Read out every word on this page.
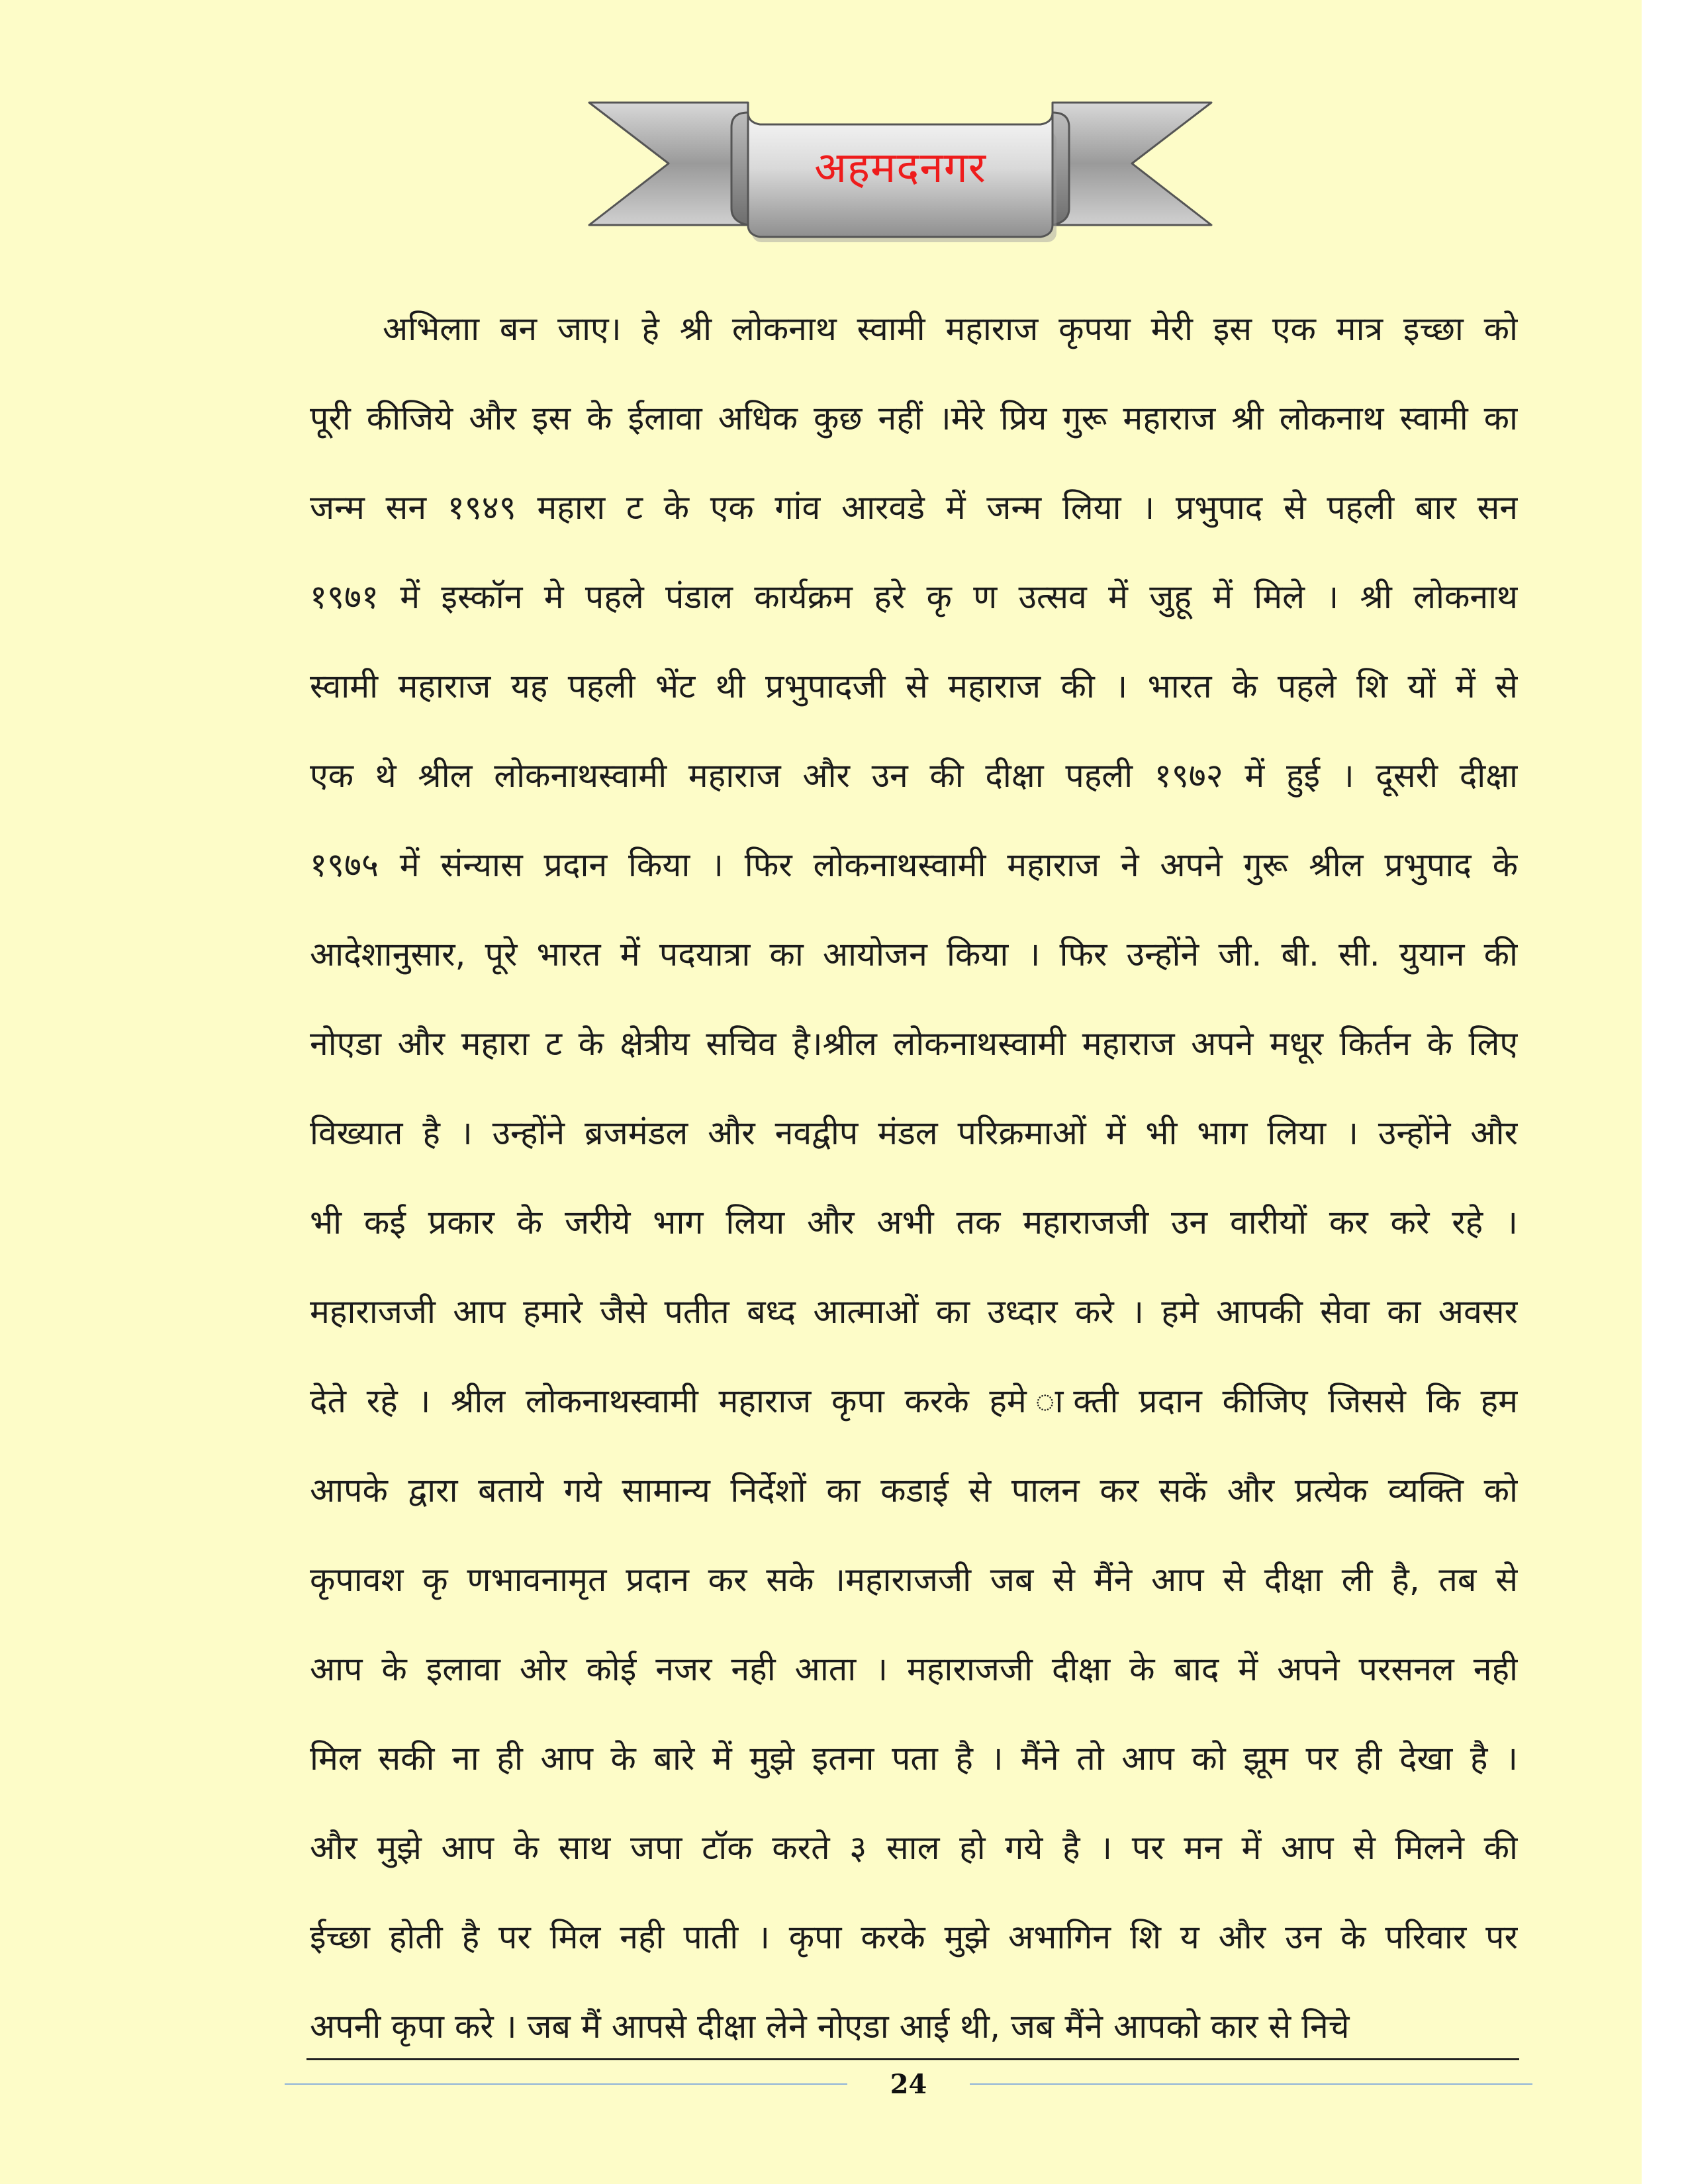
अहमदनगर
अभिलाा बन जाए। हे श्री लोकनाथ स्वामी महाराज कृपया मेरी इस एक मात्र इच्छा को
पूरी कीजिये और इस के ईलावा अधिक कुछ नहीं ।मेरे प्रिय गुरू महाराज श्री लोकनाथ स्वामी का
जन्म सन १९४९ महारा ट के एक गांव आरवडे में जन्म लिया । प्रभुपाद से पहली बार सन
१९७१ में इस्कॉन मे पहले पंडाल कार्यक्रम हरे कृ ण उत्सव में जुहू में मिले । श्री लोकनाथ
स्वामी महाराज यह पहली भेंट थी प्रभुपादजी से महाराज की । भारत के पहले शि यों में से
एक थे श्रील लोकनाथस्वामी महाराज और उन की दीक्षा पहली १९७२ में हुई । दूसरी दीक्षा
१९७५ में संन्यास प्रदान किया । फिर लोकनाथस्वामी महाराज ने अपने गुरू श्रील प्रभुपाद के
आदेशानुसार, पूरे भारत में पदयात्रा का आयोजन किया । फिर उन्होंने जी. बी. सी. युयान की
नोएडा और महारा ट के क्षेत्रीय सचिव है।श्रील लोकनाथस्वामी महाराज अपने मधूर किर्तन के लिए
विख्यात है । उन्होंने ब्रजमंडल और नवद्वीप मंडल परिक्रमाओं में भी भाग लिया । उन्होंने और
भी कई प्रकार के जरीये भाग लिया और अभी तक महाराजजी उन वारीयों कर करे रहे ।
महाराजजी आप हमारे जैसे पतीत बध्द आत्माओं का उध्दार करे । हमे आपकी सेवा का अवसर
देते रहे । श्रील लोकनाथस्वामी महाराज कृपा करके हमे ाक्ती प्रदान कीजिए जिससे कि हम
आपके द्वारा बताये गये सामान्य निर्देशों का कडाई से पालन कर सकें और प्रत्येक व्यक्ति को
कृपावश कृ णभावनामृत प्रदान कर सके ।महाराजजी जब से मैंने आप से दीक्षा ली है, तब से
आप के इलावा ओर कोई नजर नही आता । महाराजजी दीक्षा के बाद में अपने परसनल नही
मिल सकी ना ही आप के बारे में मुझे इतना पता है । मैंने तो आप को झूम पर ही देखा है ।
और मुझे आप के साथ जपा टॉक करते ३ साल हो गये है । पर मन में आप से मिलने की
ईच्छा होती है पर मिल नही पाती । कृपा करके मुझे अभागिन शि य और उन के परिवार पर
अपनी कृपा करे । जब मैं आपसे दीक्षा लेने नोएडा आई थी, जब मैंने आपको कार से निचे
24
